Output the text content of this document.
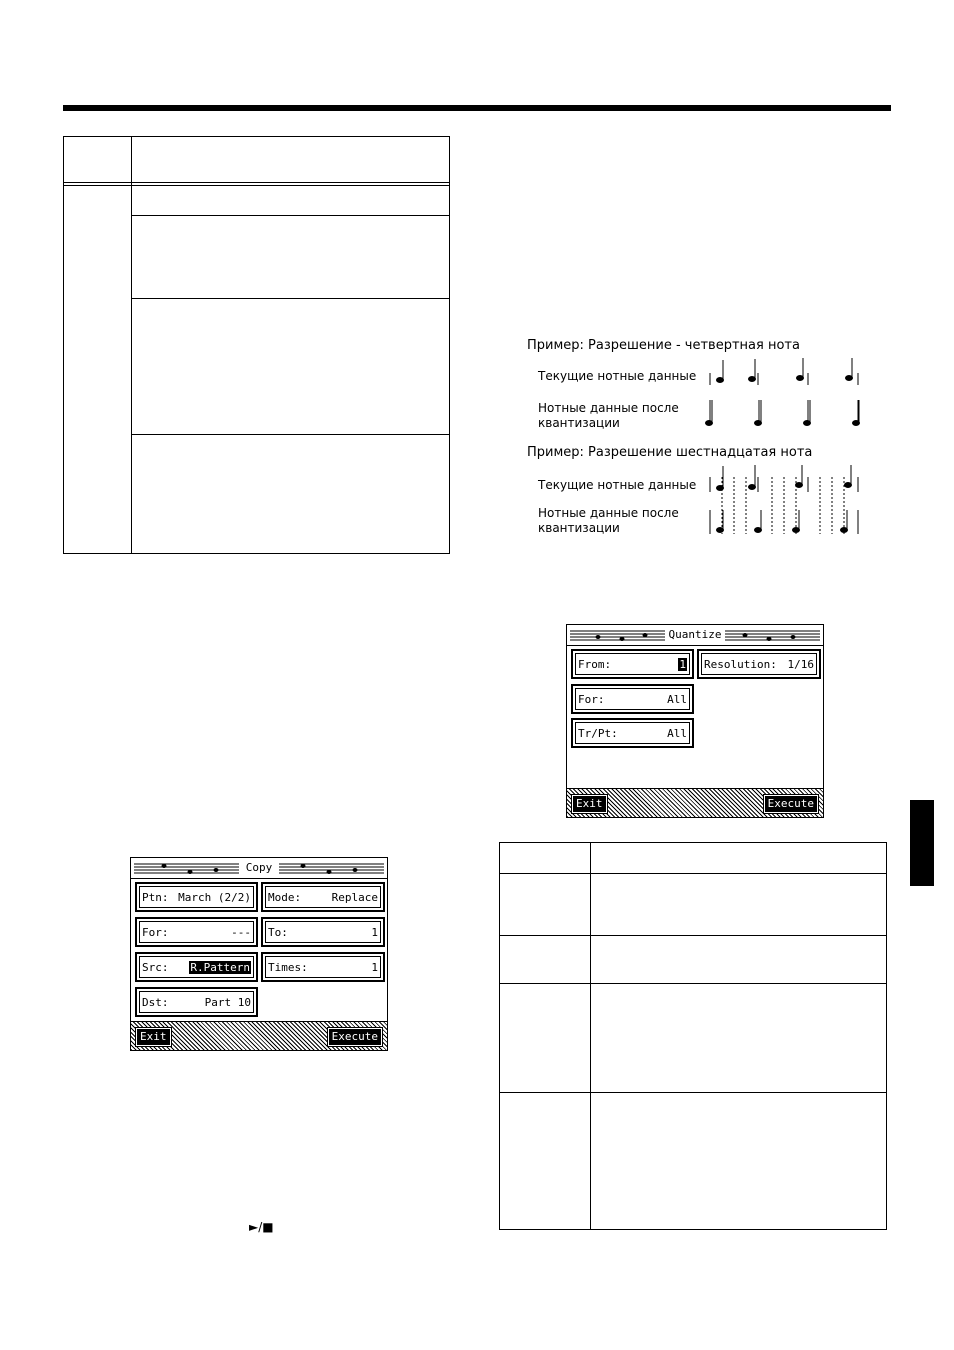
Пример: Разрешение - четвертная нота
Текущие нотные данные
Нотные данные после
квантизации
Пример: Разрешение шестнадцатая нота
Текущие нотные данные
Нотные данные после
квантизации
Quantize
From:	1 Resolution: 1/16
For:	All
Tr/Pt:	All
Exit	Execute
Copy
Ptn: March (2/2) Mode:	Replace
For:	--- To:	1
Src: R.Pattern Times:	1
Dst:	Part 10
Exit	Execute
►/■
